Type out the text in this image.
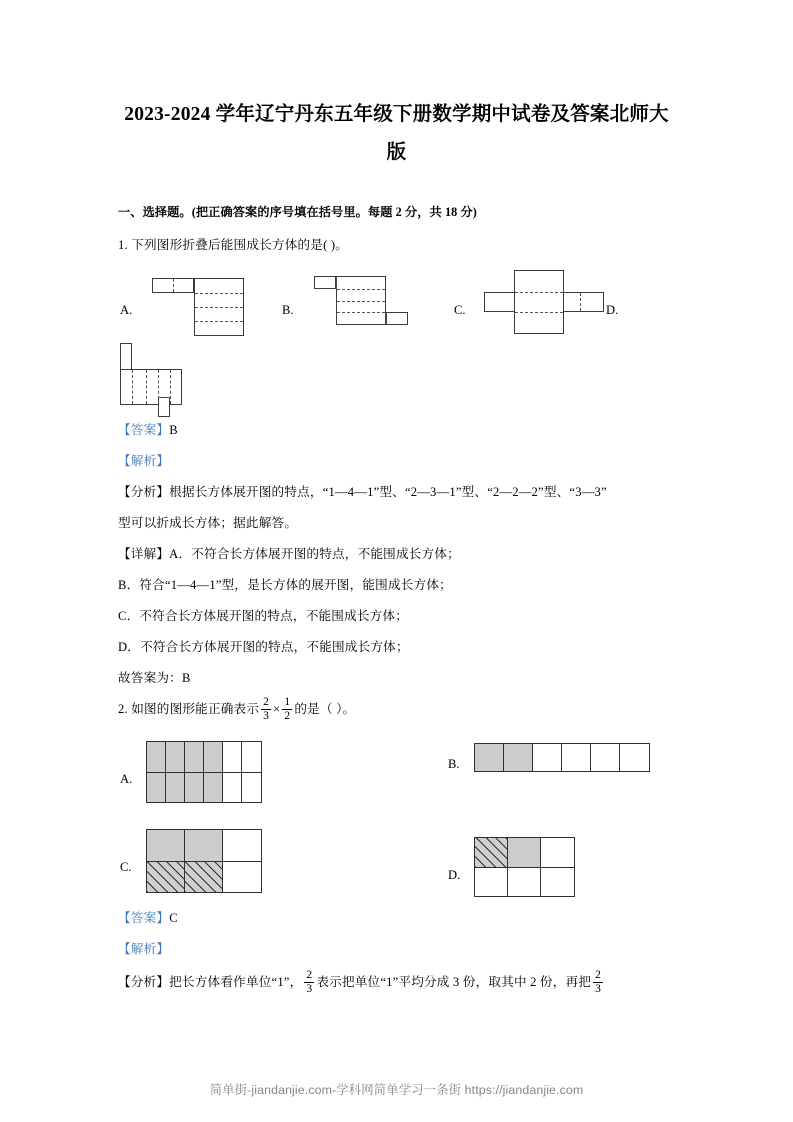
2023-2024 学年辽宁丹东五年级下册数学期中试卷及答案北师大版
一、选择题。(把正确答案的序号填在括号里。每题 2 分，共 18 分)
1. 下列图形折叠后能围成长方体的是( )。
A.	B.	C.	D.
【答案】B
【解析】
【分析】根据长方体展开图的特点，“1—4—1”型、“2—3—1”型、“2—2—2”型、“3—3”
型可以折成长方体；据此解答。
【详解】A．不符合长方体展开图的特点，不能围成长方体；
B．符合“1—4—1”型，是长方体的展开图，能围成长方体；
C．不符合长方体展开图的特点，不能围成长方体；
D．不符合长方体展开图的特点，不能围成长方体；
故答案为：B
2. 如图的图形能正确表示 $\frac{2}{3} \times \frac{1}{2}$ 的是（ ）。
A.
B.
C.
D.
【答案】C
【解析】
【分析】把长方体看作单位“1”， $\frac{2}{3}$ 表示把单位“1”平均分成 3 份，取其中 2 份，再把 $\frac{2}{3}$
简单街-jiandanjie.com-学科网简单学习一条街 https://jiandanjie.com
